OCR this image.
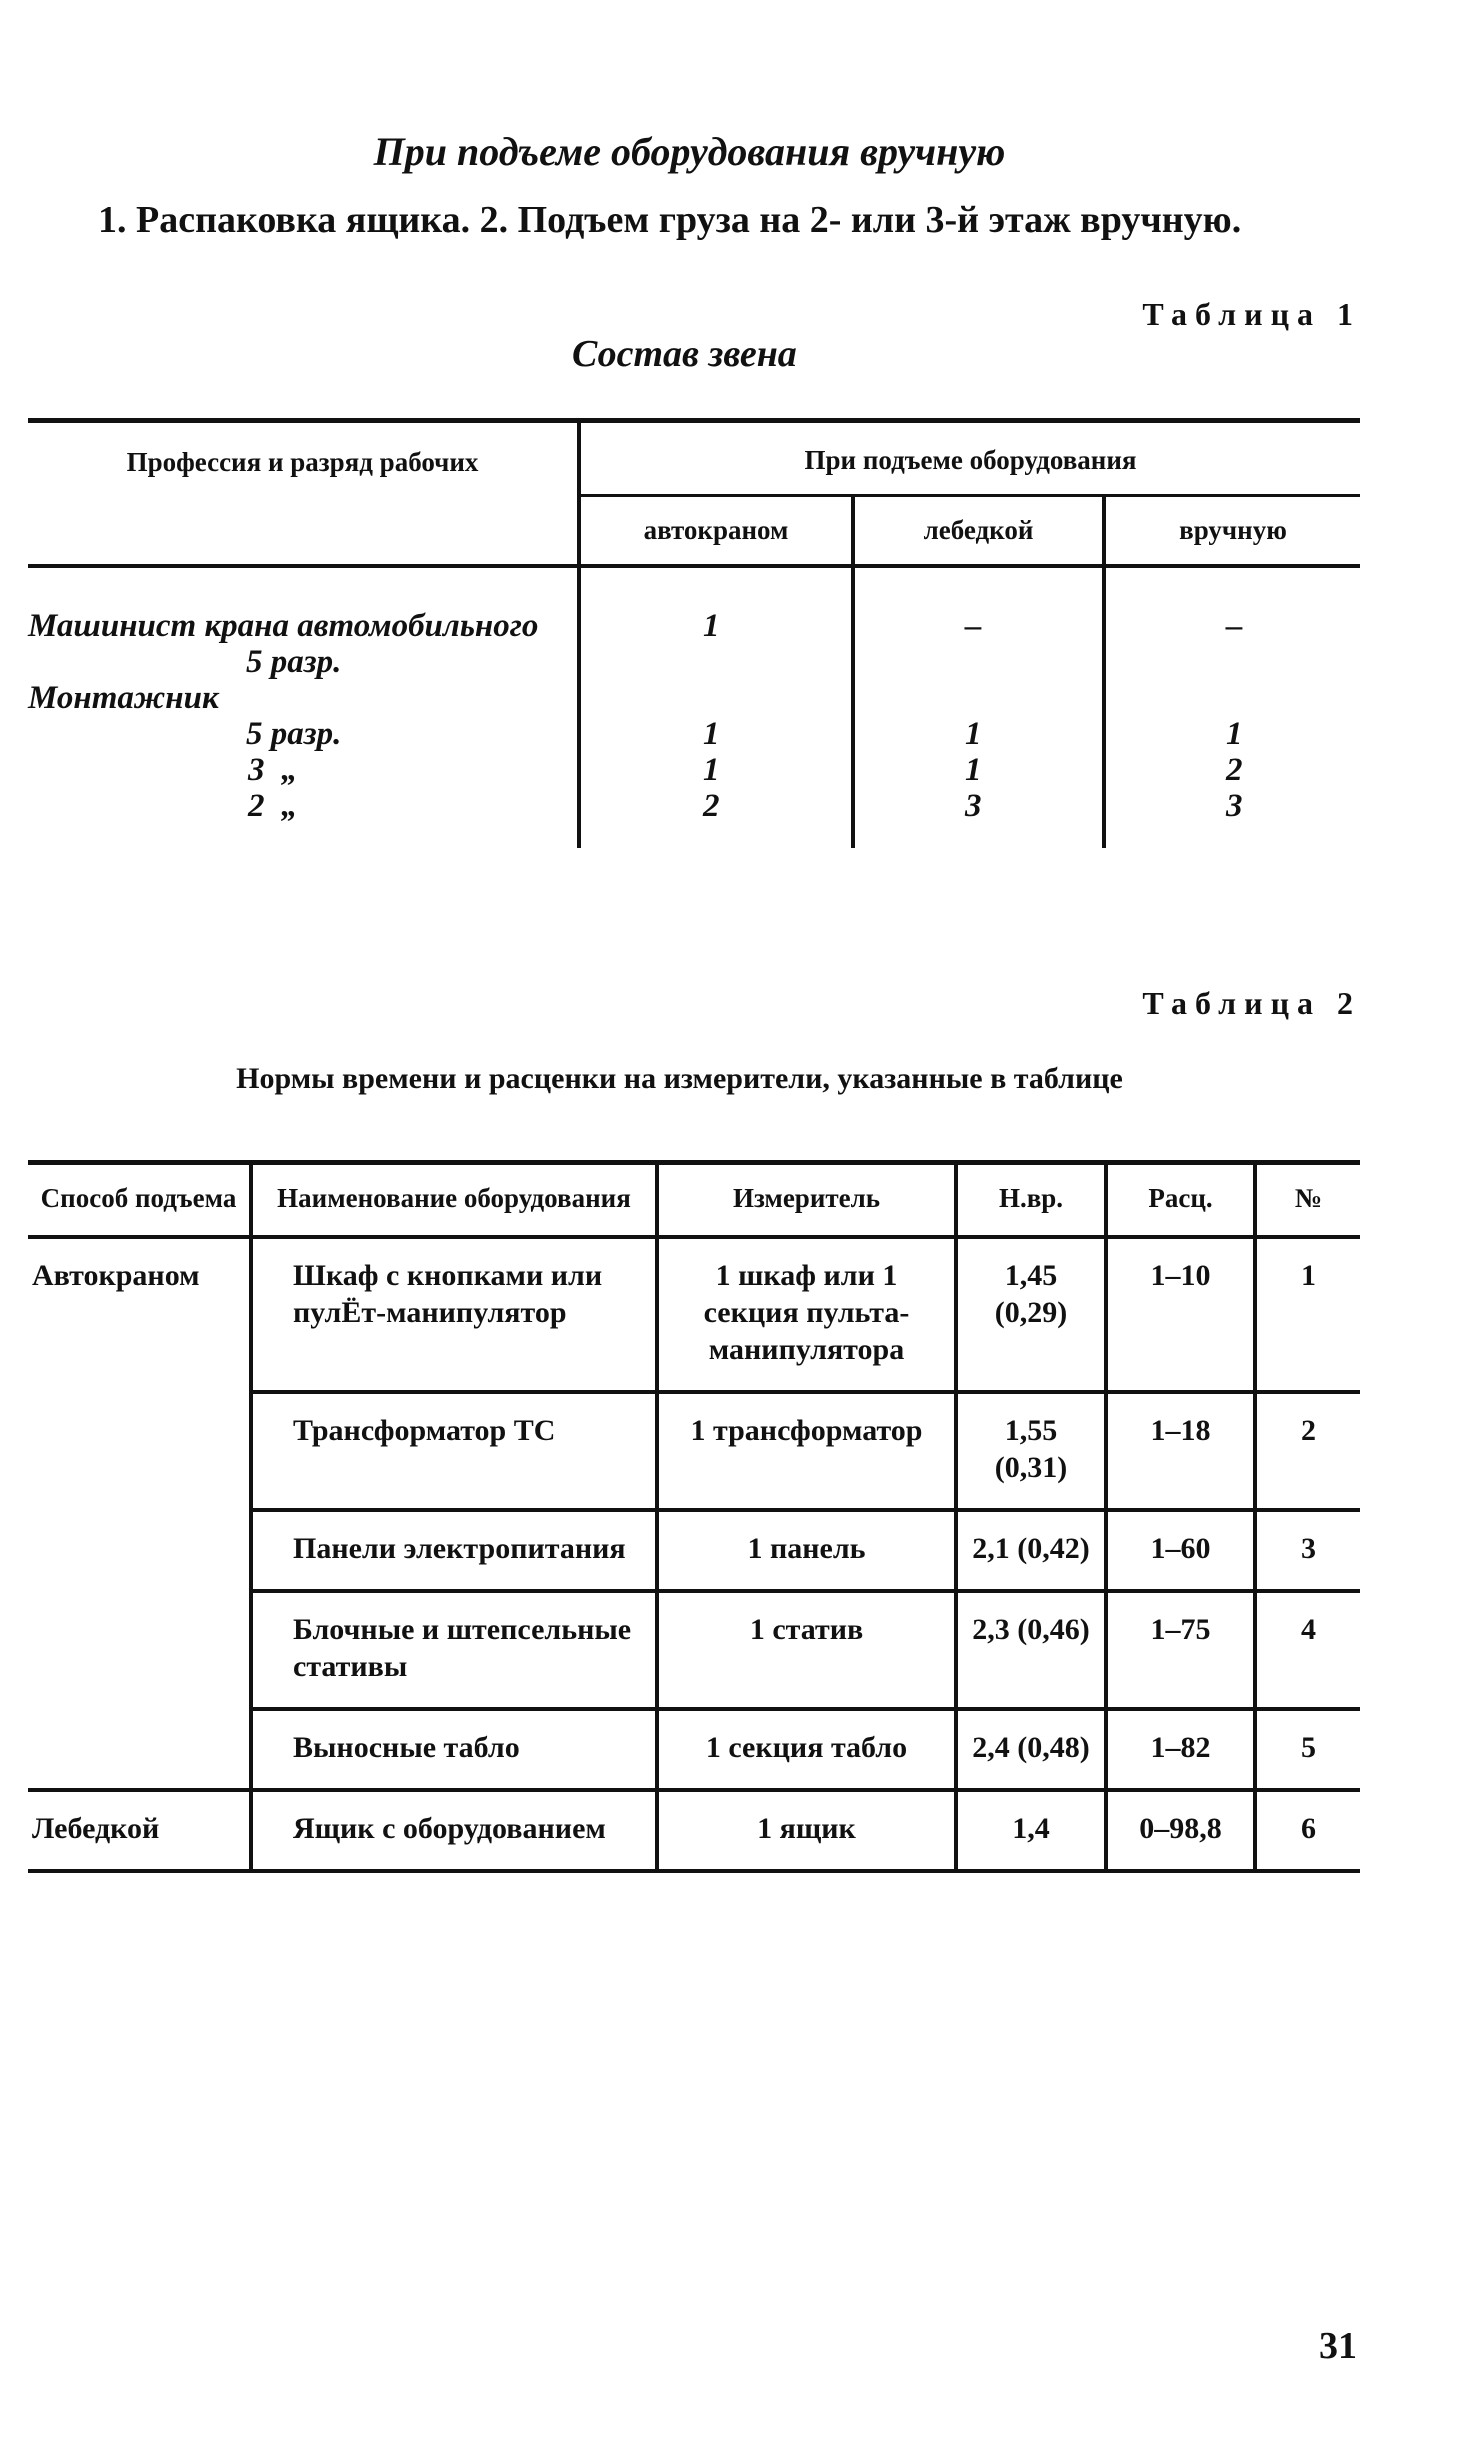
При подъеме оборудования вручную
1. Распаковка ящика. 2. Подъем груза на 2- или 3-й этаж вручную.
Таблица 1
Состав звена
Профессия и разряд рабочих	При подъеме оборудования		
	автокраном	лебедкой	вручную

Машинист крана автомобильного	1	–	–
5 разр.			
Монтажник			
5 разр.	1	1	1
3  „	1	1	2
2  „	2	3	3

Таблица 2
Нормы времени и расценки на измерители, указанные в таблице
Способ подъема	Наименование оборудования	Измеритель	Н.вр.	Расц.	№
Автокраном	Шкаф с кнопками или пулЁт-манипулятор	1 шкаф или 1 секция пульта-манипулятора	1,45 (0,29)	1–10	1
	Трансформатор ТС	1 трансформатор	1,55 (0,31)	1–18	2
	Панели электропитания	1 панель	2,1 (0,42)	1–60	3
	Блочные и штепсельные стативы	1 статив	2,3 (0,46)	1–75	4
	Выносные табло	1 секция табло	2,4 (0,48)	1–82	5
Лебедкой	Ящик с оборудованием	1 ящик	1,4	0–98,8	6
31
